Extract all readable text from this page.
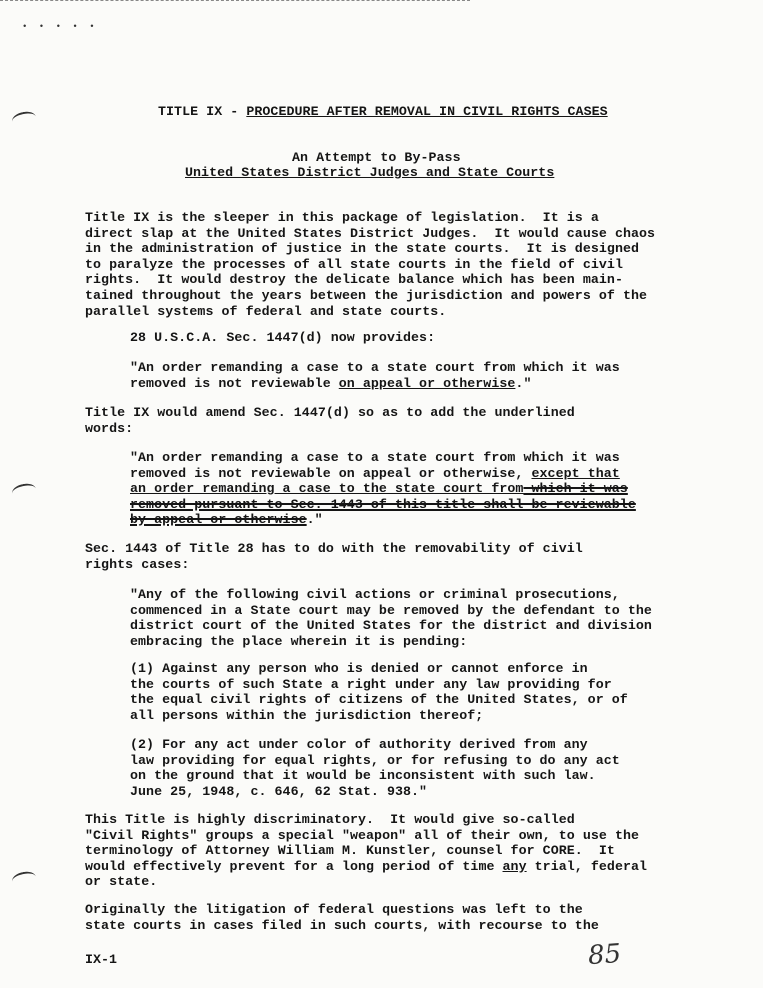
• • • • •
TITLE IX - PROCEDURE AFTER REMOVAL IN CIVIL RIGHTS CASES
An Attempt to By-Pass
United States District Judges and State Courts
Title IX is the sleeper in this package of legislation.  It is a
direct slap at the United States District Judges.  It would cause chaos
in the administration of justice in the state courts.  It is designed
to paralyze the processes of all state courts in the field of civil
rights.  It would destroy the delicate balance which has been main-
tained throughout the years between the jurisdiction and powers of the
parallel systems of federal and state courts.
28 U.S.C.A. Sec. 1447(d) now provides:
"An order remanding a case to a state court from which it was
removed is not reviewable on appeal or otherwise."
Title IX would amend Sec. 1447(d) so as to add the underlined
words:
"An order remanding a case to a state court from which it was
removed is not reviewable on appeal or otherwise, except that
an order remanding a case to the state court from which it was
removed pursuant to Sec. 1443 of this title shall be reviewable
by appeal or otherwise."
Sec. 1443 of Title 28 has to do with the removability of civil
rights cases:
"Any of the following civil actions or criminal prosecutions,
commenced in a State court may be removed by the defendant to the
district court of the United States for the district and division
embracing the place wherein it is pending:
(1) Against any person who is denied or cannot enforce in
the courts of such State a right under any law providing for
the equal civil rights of citizens of the United States, or of
all persons within the jurisdiction thereof;
(2) For any act under color of authority derived from any
law providing for equal rights, or for refusing to do any act
on the ground that it would be inconsistent with such law.
June 25, 1948, c. 646, 62 Stat. 938."
This Title is highly discriminatory.  It would give so-called
"Civil Rights" groups a special "weapon" all of their own, to use the
terminology of Attorney William M. Kunstler, counsel for CORE.  It
would effectively prevent for a long period of time any trial, federal
or state.
Originally the litigation of federal questions was left to the
state courts in cases filed in such courts, with recourse to the
IX-1	85
